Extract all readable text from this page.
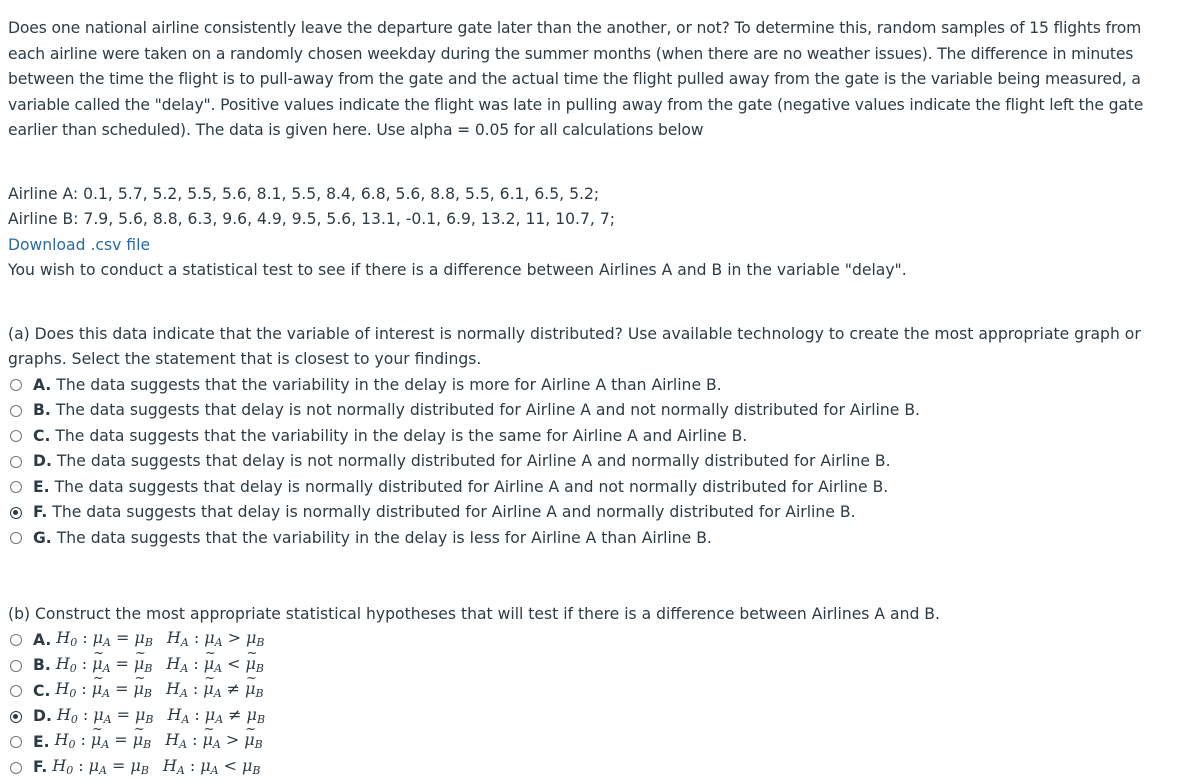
Does one national airline consistently leave the departure gate later than the another, or not? To determine this, random samples of 15 flights from each airline were taken on a randomly chosen weekday during the summer months (when there are no weather issues). The difference in minutes between the time the flight is to pull-away from the gate and the actual time the flight pulled away from the gate is the variable being measured, a variable called the "delay". Positive values indicate the flight was late in pulling away from the gate (negative values indicate the flight left the gate earlier than scheduled). The data is given here. Use alpha = 0.05 for all calculations below

Airline A: 0.1, 5.7, 5.2, 5.5, 5.6, 8.1, 5.5, 8.4, 6.8, 5.6, 8.8, 5.5, 6.1, 6.5, 5.2;
Airline B: 7.9, 5.6, 8.8, 6.3, 9.6, 4.9, 9.5, 5.6, 13.1, -0.1, 6.9, 13.2, 11, 10.7, 7;
Download .csv file
You wish to conduct a statistical test to see if there is a difference between Airlines A and B in the variable "delay".
(a) Does this data indicate that the variable of interest is normally distributed? Use available technology to create the most appropriate graph or graphs. Select the statement that is closest to your findings.
A. The data suggests that the variability in the delay is more for Airline A than Airline B.
B. The data suggests that delay is not normally distributed for Airline A and not normally distributed for Airline B.
C. The data suggests that the variability in the delay is the same for Airline A and Airline B.
D. The data suggests that delay is not normally distributed for Airline A and normally distributed for Airline B.
E. The data suggests that delay is normally distributed for Airline A and not normally distributed for Airline B.
F. The data suggests that delay is normally distributed for Airline A and normally distributed for Airline B.
G. The data suggests that the variability in the delay is less for Airline A than Airline B.
(b) Construct the most appropriate statistical hypotheses that will test if there is a difference between Airlines A and B.
A. $H_0$ : $\mu_A = \mu_B$ $H_A$ : $\mu_A > \mu_B$
B. $H_0$ : ~ $\mu_A$ = ~ $\mu_B$ $H_A$ : ~ $\mu_A$ < ~ $\mu_B$
C. $H_0$ : ~ $\mu_A$ = ~ $\mu_B$ $H_A$ : ~ $\mu_A$ ≠ ~ $\mu_B$
D. $H_0$ : $\mu_A = \mu_B$ $H_A$ : $\mu_A \ne \mu_B$
E. $H_0$ : ~ $\mu_A$ = ~ $\mu_B$ $H_A$ : ~ $\mu_A$ > ~ $\mu_B$
F. $H_0$ : $\mu_A = \mu_B$ $H_A$ : $\mu_A < \mu_B$
